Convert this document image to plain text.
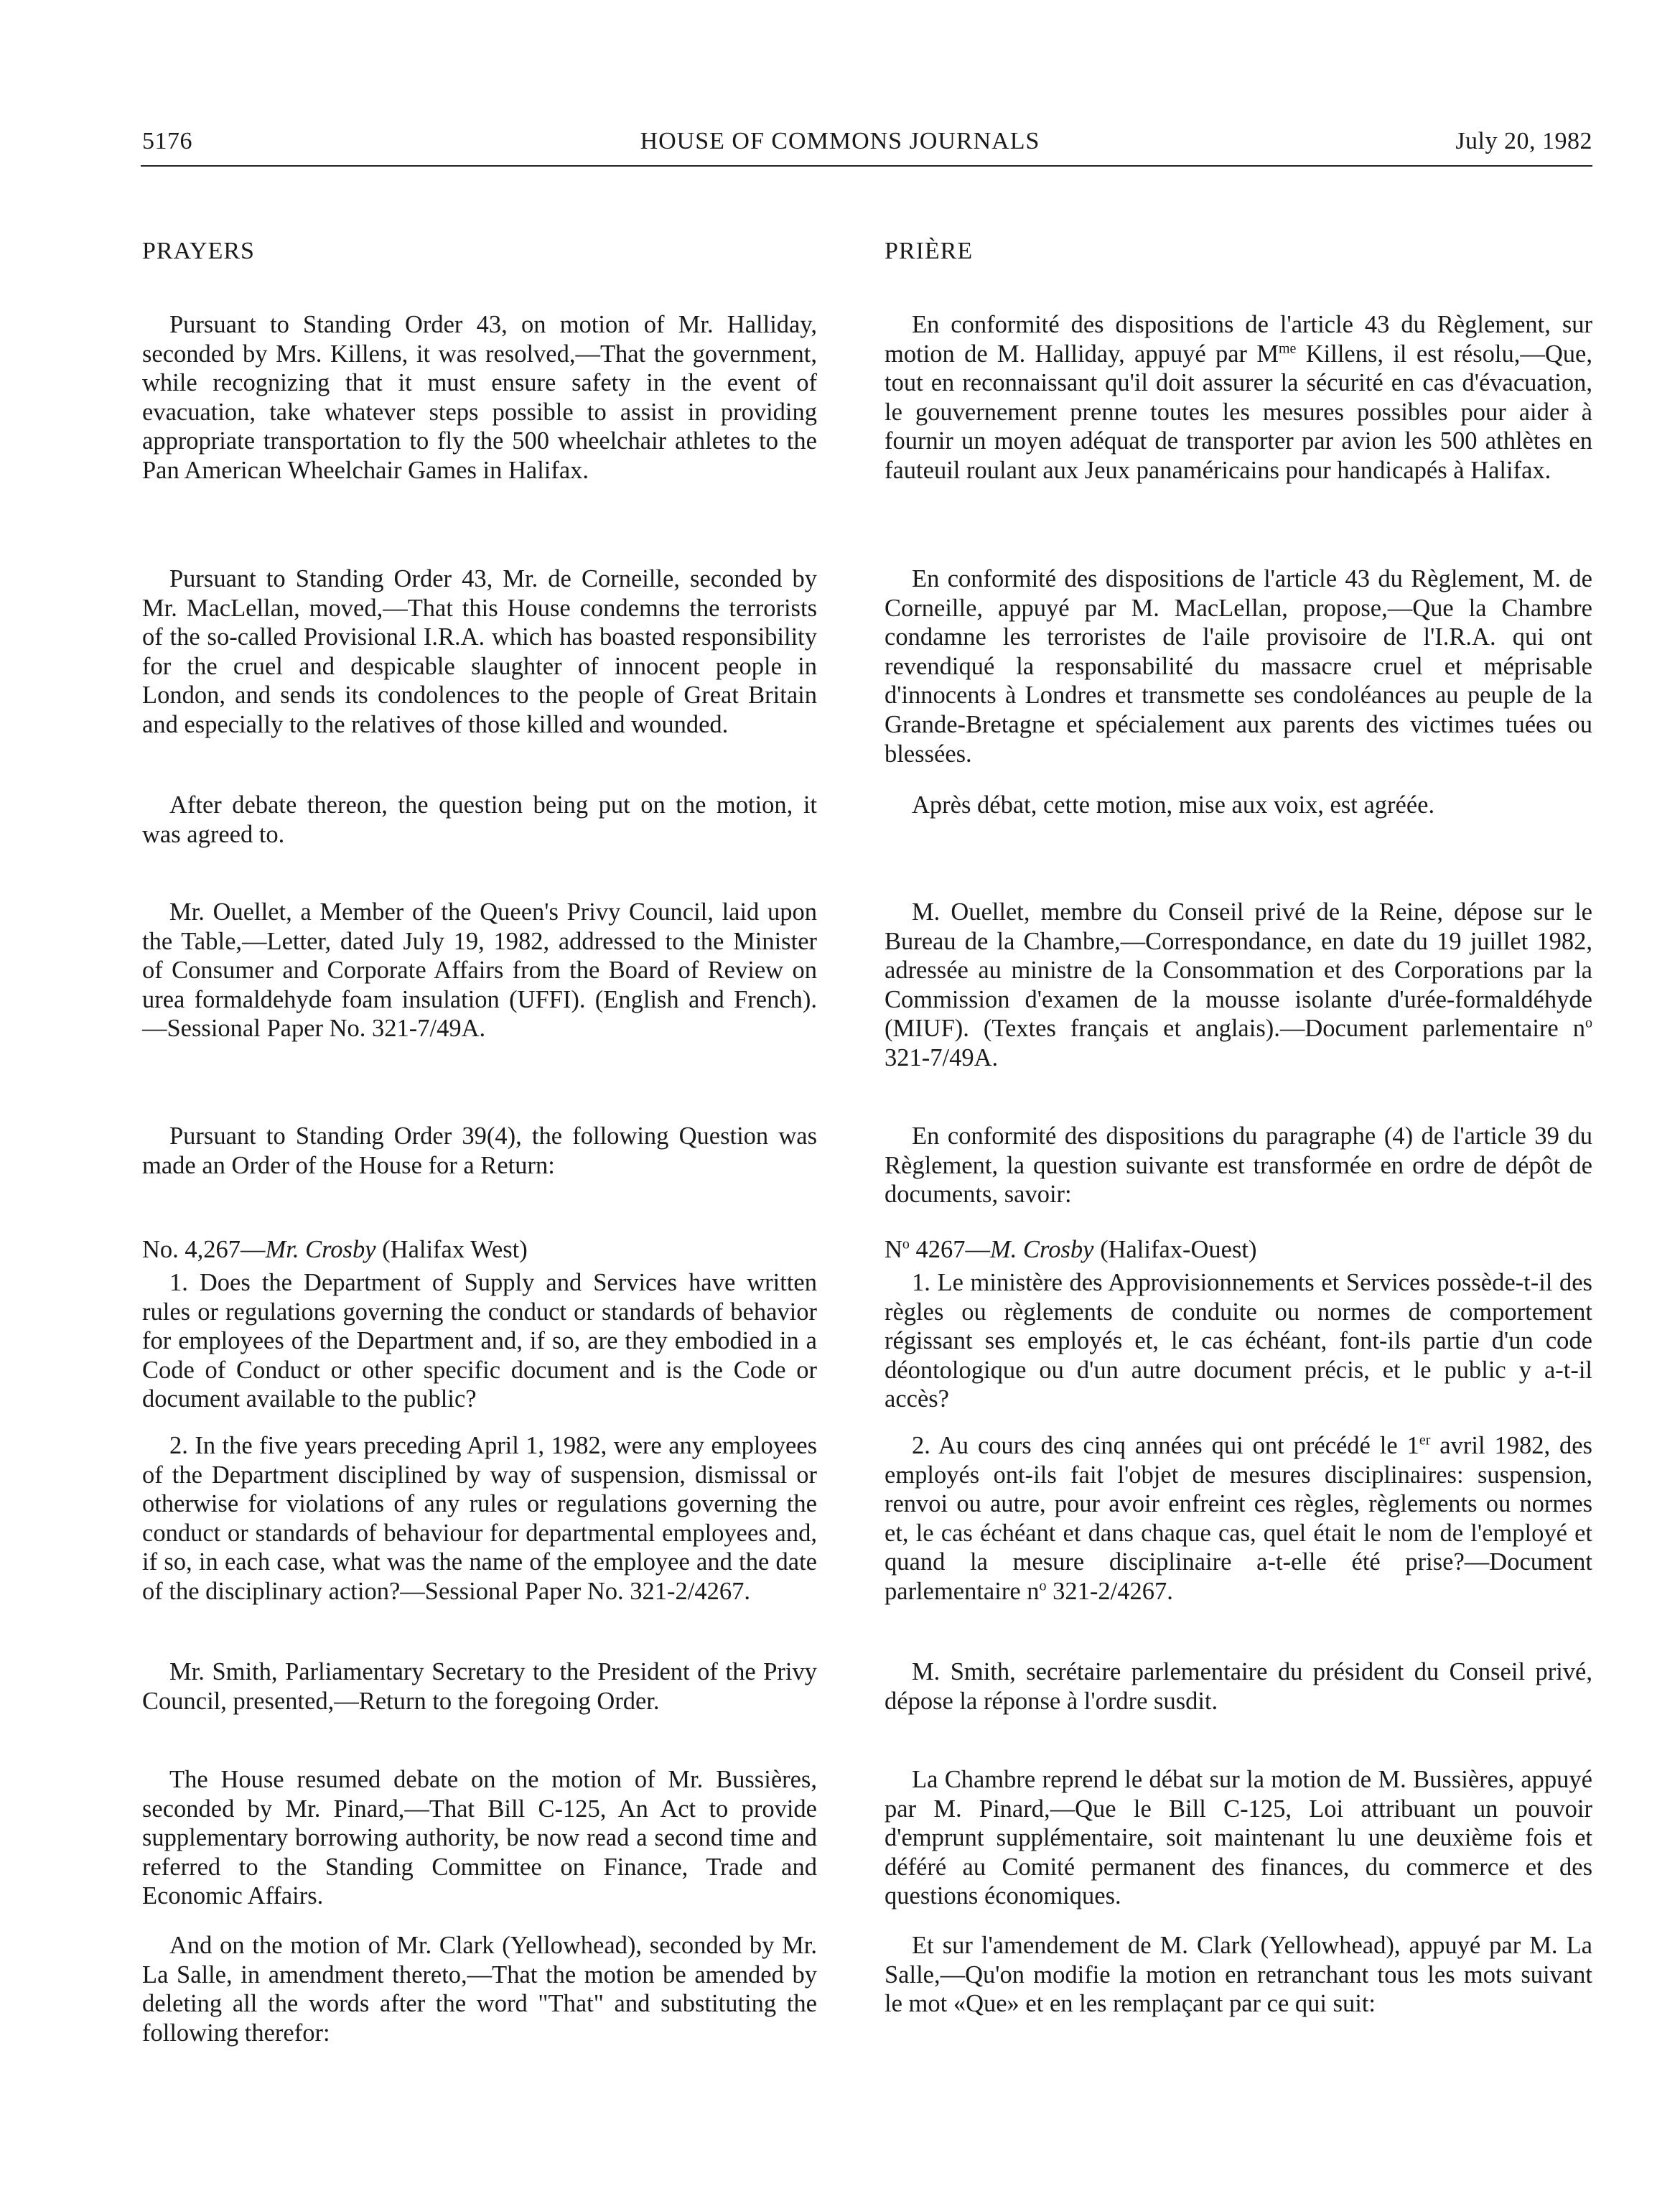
HOUSE OF COMMONS JOURNALS
5176	July 20, 1982
PRAYERS

Pursuant to Standing Order 43, on motion of Mr. Halliday, seconded by Mrs. Killens, it was resolved,—That the government, while recognizing that it must ensure safety in the event of evacuation, take whatever steps possible to assist in providing appropriate transportation to fly the 500 wheelchair athletes to the Pan American Wheelchair Games in Halifax.

Pursuant to Standing Order 43, Mr. de Corneille, seconded by Mr. MacLellan, moved,—That this House condemns the terrorists of the so-called Provisional I.R.A. which has boasted responsibility for the cruel and despicable slaughter of innocent people in London, and sends its condolences to the people of Great Britain and especially to the relatives of those killed and wounded.

After debate thereon, the question being put on the motion, it was agreed to.

Mr. Ouellet, a Member of the Queen's Privy Council, laid upon the Table,—Letter, dated July 19, 1982, addressed to the Minister of Consumer and Corporate Affairs from the Board of Review on urea formaldehyde foam insulation (UFFI). (English and French).—Sessional Paper No. 321-7/49A.

Pursuant to Standing Order 39(4), the following Question was made an Order of the House for a Return:

No. 4,267—Mr. Crosby (Halifax West)

1. Does the Department of Supply and Services have written rules or regulations governing the conduct or standards of behavior for employees of the Department and, if so, are they embodied in a Code of Conduct or other specific document and is the Code or document available to the public?

2. In the five years preceding April 1, 1982, were any employees of the Department disciplined by way of suspension, dismissal or otherwise for violations of any rules or regulations governing the conduct or standards of behaviour for departmental employees and, if so, in each case, what was the name of the employee and the date of the disciplinary action?—Sessional Paper No. 321-2/4267.

Mr. Smith, Parliamentary Secretary to the President of the Privy Council, presented,—Return to the foregoing Order.

The House resumed debate on the motion of Mr. Bussières, seconded by Mr. Pinard,—That Bill C-125, An Act to provide supplementary borrowing authority, be now read a second time and referred to the Standing Committee on Finance, Trade and Economic Affairs.

And on the motion of Mr. Clark (Yellowhead), seconded by Mr. La Salle, in amendment thereto,—That the motion be amended by deleting all the words after the word "That" and substituting the following therefor:

PRIÈRE

En conformité des dispositions de l'article 43 du Règlement, sur motion de M. Halliday, appuyé par $M^{me}$ Killens, il est résolu,—Que, tout en reconnaissant qu'il doit assurer la sécurité en cas d'évacuation, le gouvernement prenne toutes les mesures possibles pour aider à fournir un moyen adéquat de transporter par avion les 500 athlètes en fauteuil roulant aux Jeux panaméricains pour handicapés à Halifax.

En conformité des dispositions de l'article 43 du Règlement, M. de Corneille, appuyé par M. MacLellan, propose,—Que la Chambre condamne les terroristes de l'aile provisoire de l'I.R.A. qui ont revendiqué la responsabilité du massacre cruel et méprisable d'innocents à Londres et transmette ses condoléances au peuple de la Grande-Bretagne et spécialement aux parents des victimes tuées ou blessées.

Après débat, cette motion, mise aux voix, est agréée.

M. Ouellet, membre du Conseil privé de la Reine, dépose sur le Bureau de la Chambre,—Correspondance, en date du 19 juillet 1982, adressée au ministre de la Consommation et des Corporations par la Commission d'examen de la mousse isolante d'urée-formaldéhyde (MIUF). (Textes français et anglais).—Document parlementaire $n^o$ 321-7/49A.

En conformité des dispositions du paragraphe (4) de l'article 39 du Règlement, la question suivante est transformée en ordre de dépôt de documents, savoir:

$N^o$ 4267—M. Crosby (Halifax-Ouest)

1. Le ministère des Approvisionnements et Services possède-t-il des règles ou règlements de conduite ou normes de comportement régissant ses employés et, le cas échéant, font-ils partie d'un code déontologique ou d'un autre document précis, et le public y a-t-il accès?

2. Au cours des cinq années qui ont précédé le 1er avril 1982, des employés ont-ils fait l'objet de mesures disciplinaires: suspension, renvoi ou autre, pour avoir enfreint ces règles, règlements ou normes et, le cas échéant et dans chaque cas, quel était le nom de l'employé et quand la mesure disciplinaire a-t-elle été prise?—Document parlementaire $n^o$ 321-2/4267.

M. Smith, secrétaire parlementaire du président du Conseil privé, dépose la réponse à l'ordre susdit.

La Chambre reprend le débat sur la motion de M. Bussières, appuyé par M. Pinard,—Que le Bill C-125, Loi attribuant un pouvoir d'emprunt supplémentaire, soit maintenant lu une deuxième fois et déféré au Comité permanent des finances, du commerce et des questions économiques.

Et sur l'amendement de M. Clark (Yellowhead), appuyé par M. La Salle,—Qu'on modifie la motion en retranchant tous les mots suivant le mot «Que» et en les remplaçant par ce qui suit:
